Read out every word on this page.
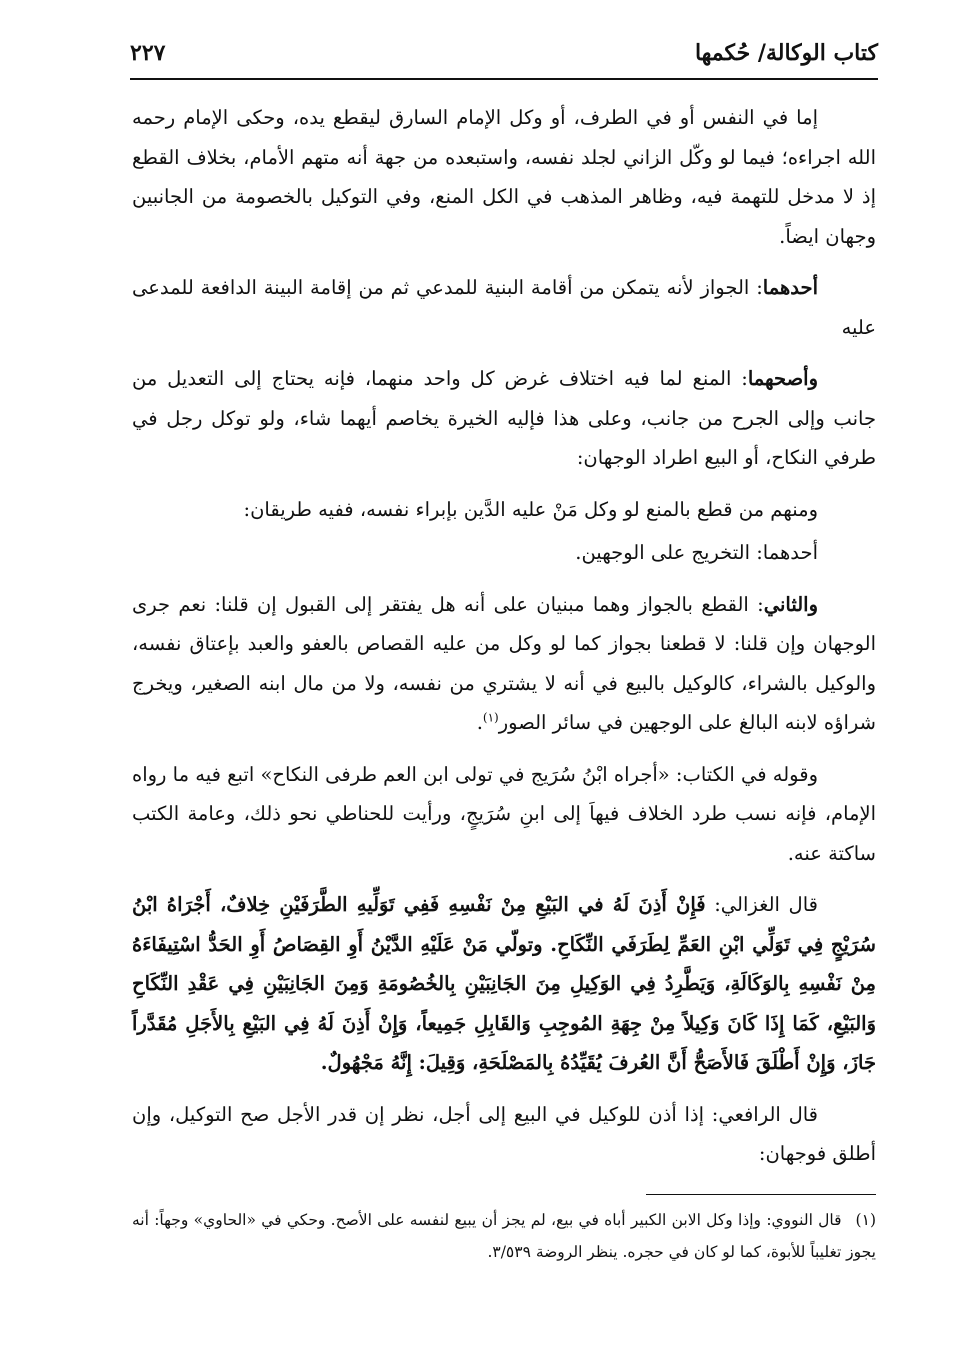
كتاب الوكالة/ حُكمها
٢٢٧

إما في النفس أو في الطرف، أو وكل الإمام السارق ليقطع يده، وحكى الإمام رحمه الله اجراءه؛ فيما لو وكّل الزاني لجلد نفسه، واستبعده من جهة أنه متهم الأمام، بخلاف القطع إذ لا مدخل للتهمة فيه، وظاهر المذهب في الكل المنع، وفي التوكيل بالخصومة من الجانبين وجهان ايضاً.

أحدهما: الجواز لأنه يتمكن من أقامة البنية للمدعي ثم من إقامة البينة الدافعة للمدعى عليه

وأصحهما: المنع لما فيه اختلاف غرض كل واحد منهما، فإنه يحتاج إلى التعديل من جانب وإلى الجرح من جانب، وعلى هذا فإليه الخيرة يخاصم أيهما شاء، ولو توكل رجل في طرفي النكاح، أو البيع اطراد الوجهان:

ومنهم من قطع بالمنع لو وكل مَنْ عليه الدَّين بإبراء نفسه، ففيه طريقان:

أحدهما: التخريج على الوجهين.

والثاني: القطع بالجواز وهما مبنيان على أنه هل يفتقر إلى القبول إن قلنا: نعم جرى الوجهان وإن قلنا: لا قطعنا بجواز كما لو وكل من عليه القصاص بالعفو والعبد بإعتاق نفسه، والوكيل بالشراء، كالوكيل بالبيع في أنه لا يشتري من نفسه، ولا من مال ابنه الصغير، ويخرج شراؤه لابنه البالغ على الوجهين في سائر الصور$^{(١)}$.

وقوله في الكتاب: «أجراه ابْنُ سُرَيج في تولى ابن العم طرفى النكاح» اتبع فيه ما رواه الإمام، فإنه نسب طرد الخلاف فيهاَ إلى ابنِ سُرَيجٍ، ورأيت للحناطي نحو ذلك، وعامة الكتب ساكتة عنه.

قال الغزالي: فَإِنْ أَذِنَ لَهُ في البَيْعِ مِنْ نَفْسِهِ فَفِي تَوَلِّيهِ الطَّرَفَيْنِ خِلافٌ، أَجْرَاهُ ابْنُ سُرَيْجٍ فِي تَوَلِّي ابْنِ العَمِّ لِطَرَفَي النِّكَاحِ. وتولّي مَنْ عَلَيْهِ الدَّيْنُ أَوِ القِصَاصُ أَوِ الحَدُّ اسْتِيفَاءَهُ مِنْ نَفْسِهِ بِالوَكَالَةِ، وَيَطَّرِدُ فِي الوَكِيلِ مِنَ الجَانِبَيْنِ بِالخُصُومَةِ وَمِنَ الجَانِبَيْنِ فِي عَقْدِ النِّكَاحِ وَالبَيْعِ، كَمَا إِذَا كَانَ وَكِيلاً مِنْ جِهَةِ المُوجِبِ وَالقَابِلِ جَمِيعاً، وَإِنْ أَذِنَ لَهُ فِي البَيْعِ بِالأَجَلِ مُقَدَّراً جَازَ، وَإِنْ أَطْلَقَ فَالأَصَحُّ أَنَّ العُرفَ يُقَيِّدُهُ بِالمَصْلَحَةِ، وَقِيلَ: إِنَّهُ مَجْهُولٌ.

قال الرافعي: إذا أذن للوكيل في البيع إلى أجل، نظر إن قدر الأجل صح التوكيل، وإن أطلق فوجهان:

(١)قال النووي: وإذا وكل الابن الكبير أباه في بيع، لم يجز أن يبيع لنفسه على الأصح. وحكي في «الحاوي» وجهاً: أنه يجوز تغليباً للأبوة، كما لو كان في حجره. ينظر الروضة ٣/٥٣٩.
